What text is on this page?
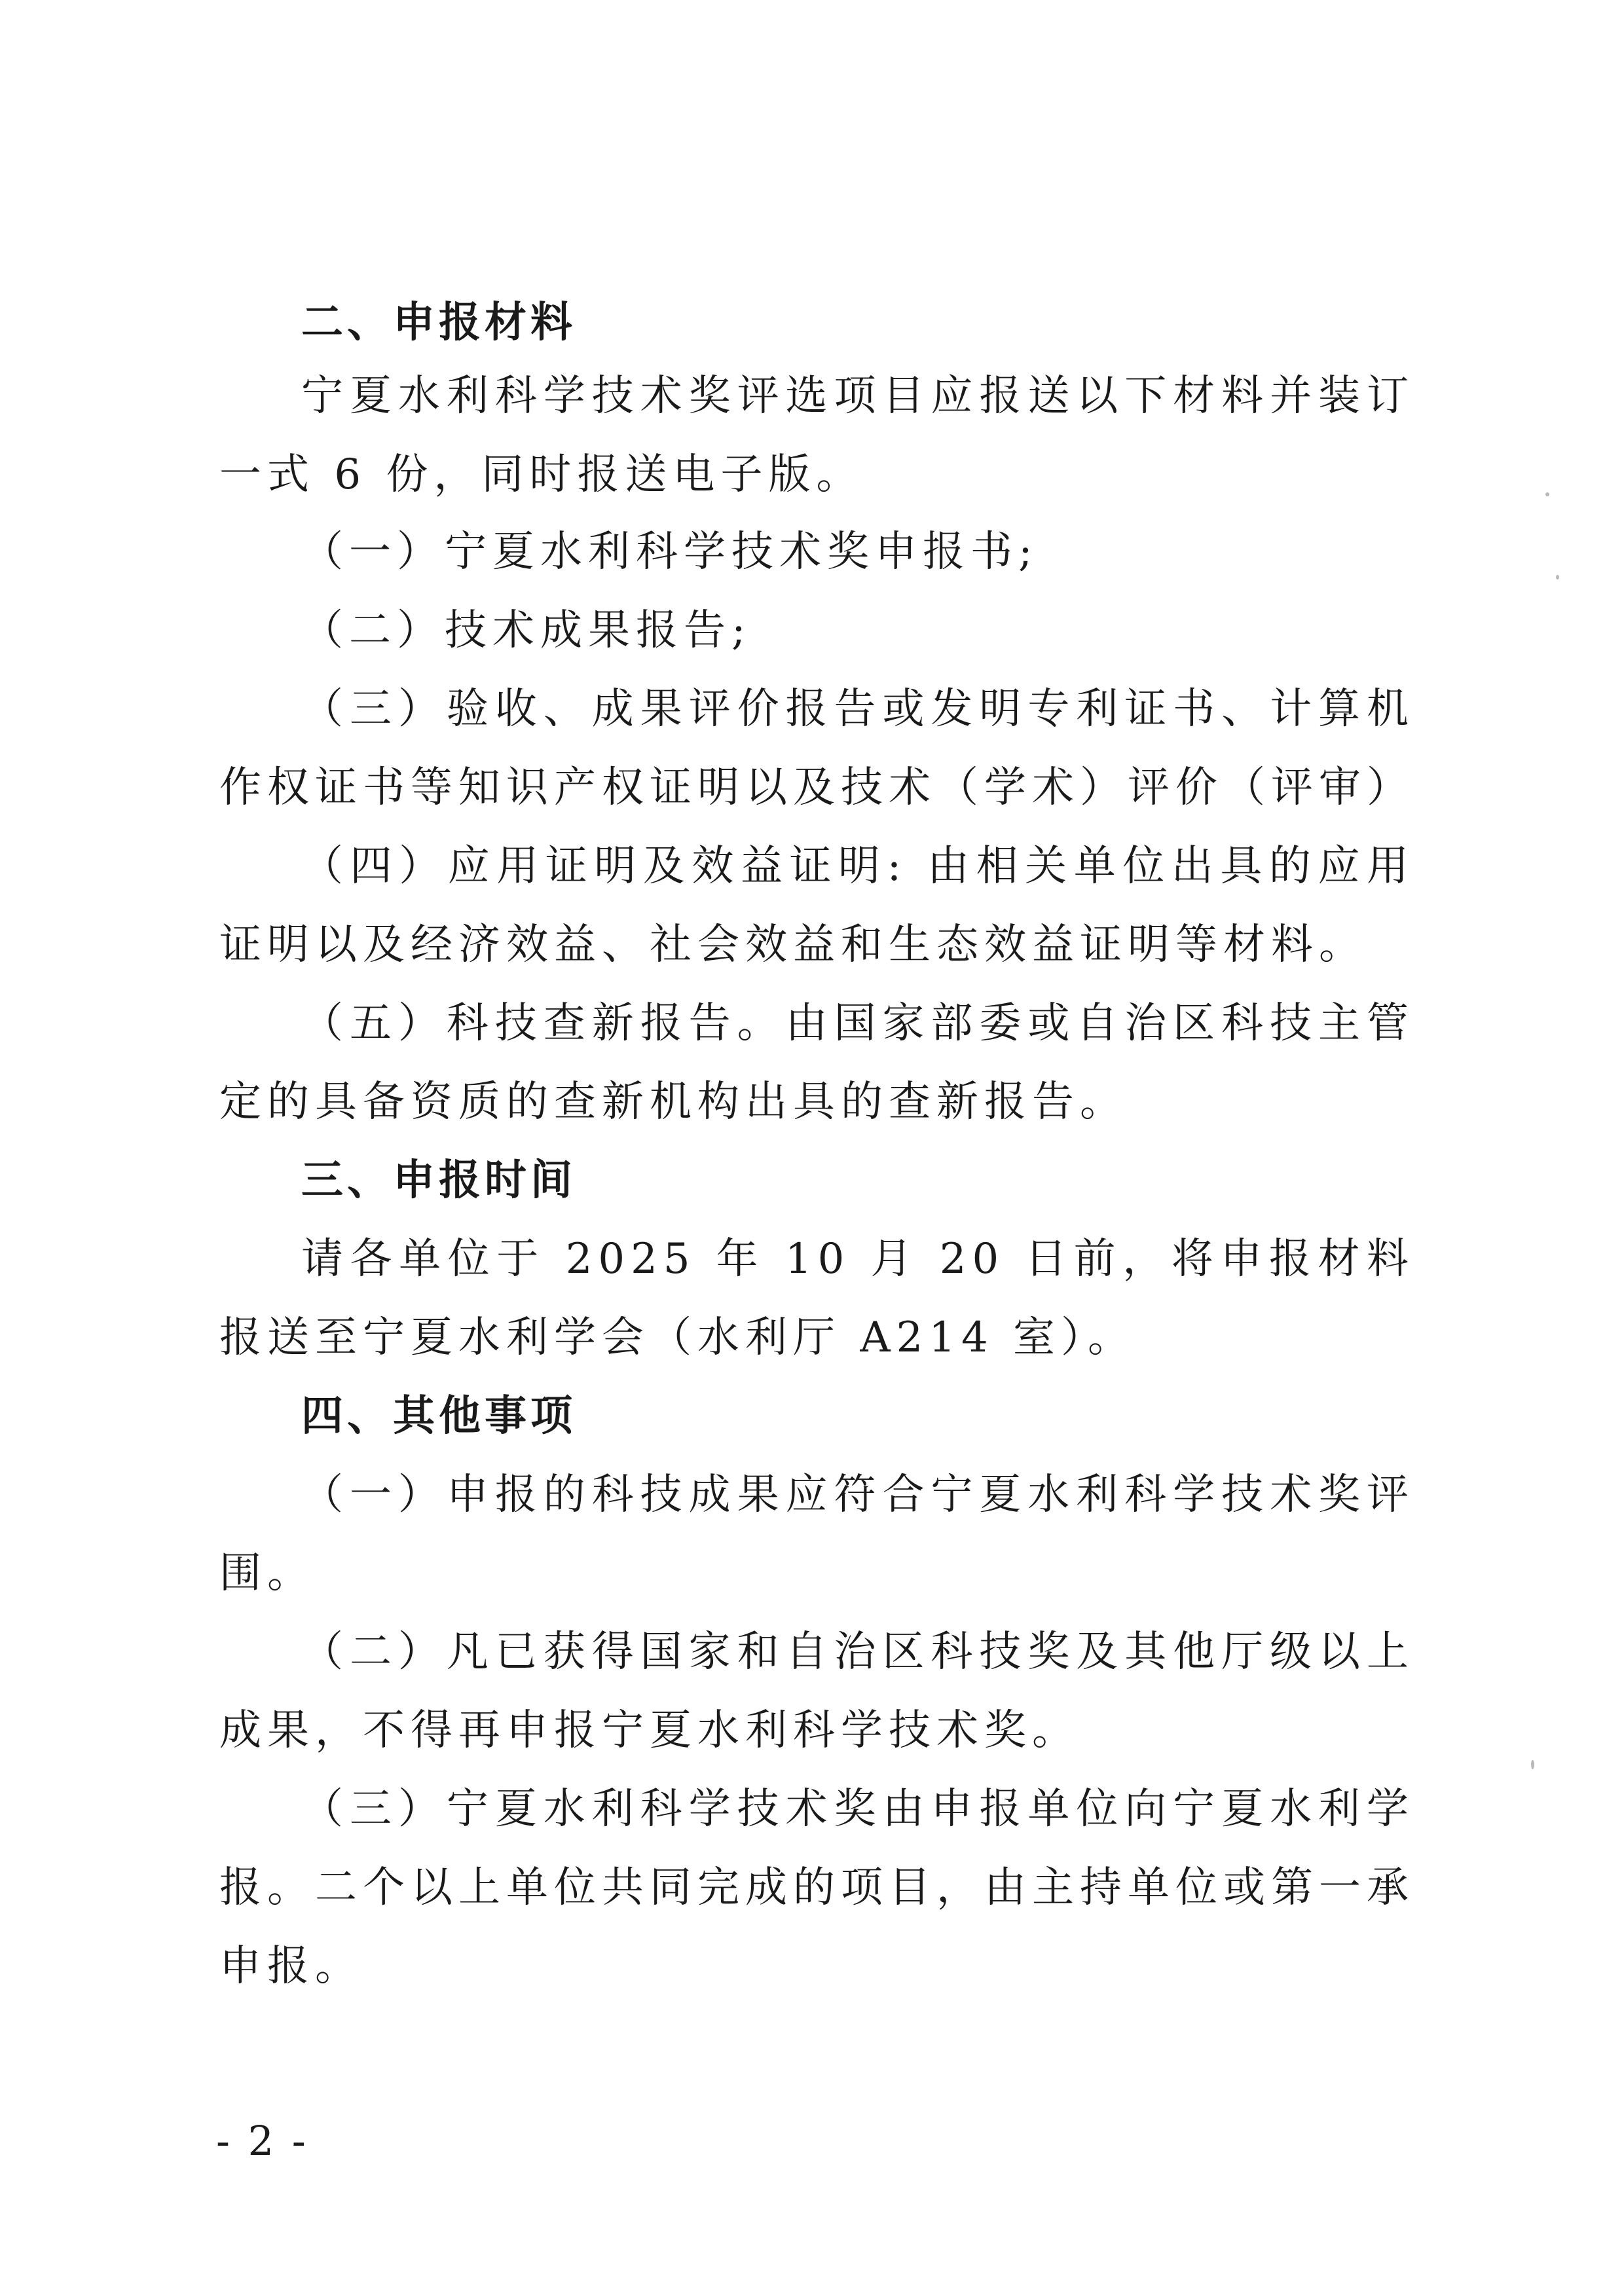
二、申报材料

宁夏水利科学技术奖评选项目应报送以下材料并装订

一式 6 份，同时报送电子版。

（一）宁夏水利科学技术奖申报书;

（二）技术成果报告;

（三）验收、成果评价报告或发明专利证书、计算机

作权证书等知识产权证明以及技术（学术）评价（评审）

（四）应用证明及效益证明: 由相关单位出具的应用

证明以及经济效益、社会效益和生态效益证明等材料。

（五）科技查新报告。由国家部委或自治区科技主管

定的具备资质的查新机构出具的查新报告。

三、申报时间

请各单位于 2025 年 10 月 20 日前，将申报材料

报送至宁夏水利学会（水利厅 A214 室）。

四、其他事项

（一）申报的科技成果应符合宁夏水利科学技术奖评

围。

（二）凡已获得国家和自治区科技奖及其他厅级以上

成果，不得再申报宁夏水利科学技术奖。

（三）宁夏水利科学技术奖由申报单位向宁夏水利学

报。二个以上单位共同完成的项目，由主持单位或第一承

申报。

- 2 -
